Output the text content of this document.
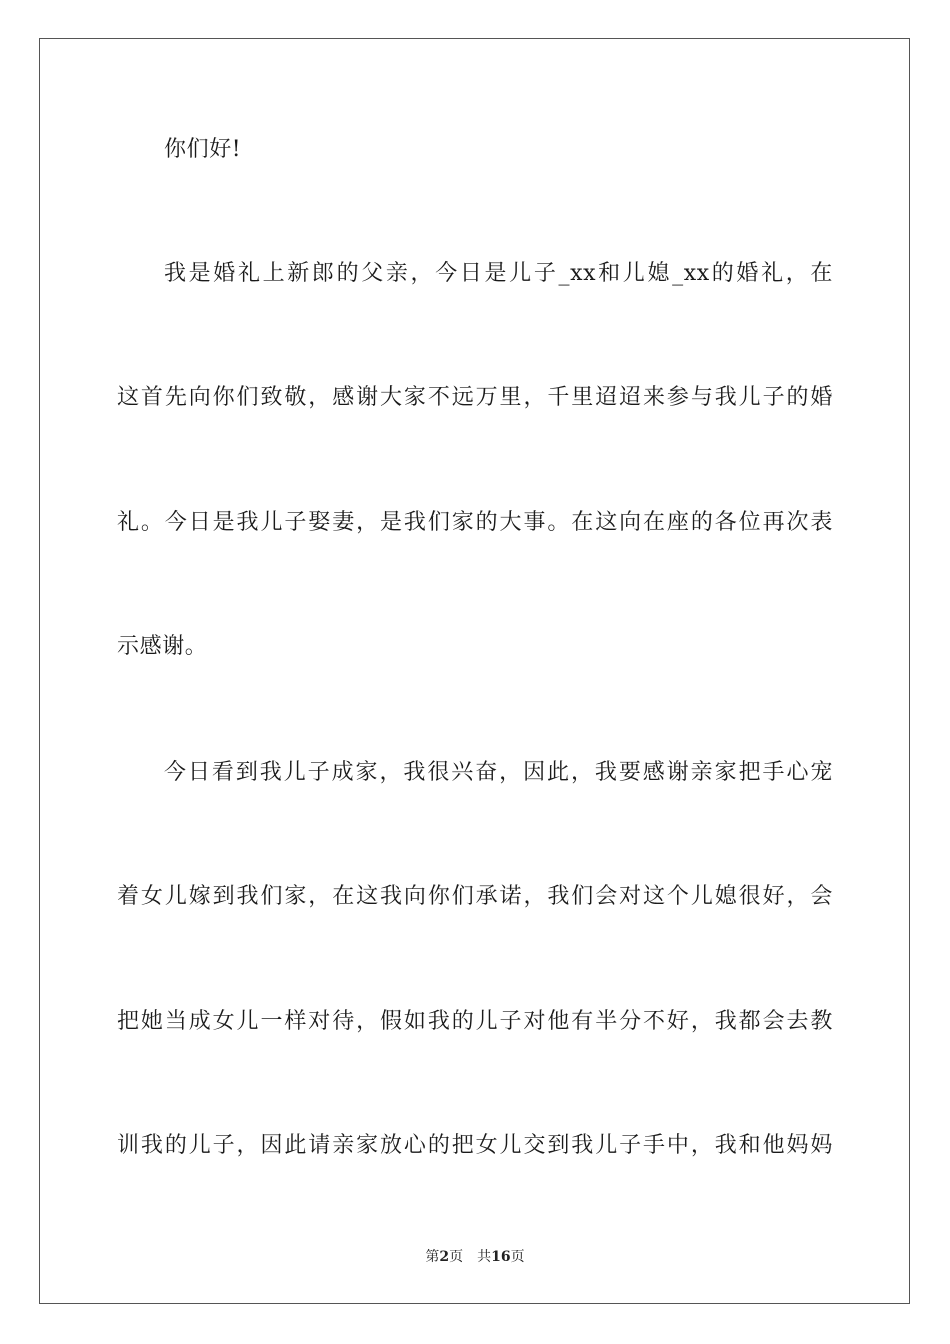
你们好!
我是婚礼上新郎的父亲，今日是儿子_xx和儿媳_xx的婚礼，在
这首先向你们致敬，感谢大家不远万里，千里迢迢来参与我儿子的婚
礼。今日是我儿子娶妻，是我们家的大事。在这向在座的各位再次表
示感谢。
今日看到我儿子成家，我很兴奋，因此，我要感谢亲家把手心宠
着女儿嫁到我们家，在这我向你们承诺，我们会对这个儿媳很好，会
把她当成女儿一样对待，假如我的儿子对他有半分不好，我都会去教
训我的儿子，因此请亲家放心的把女儿交到我儿子手中，我和他妈妈
第2页 共16页
